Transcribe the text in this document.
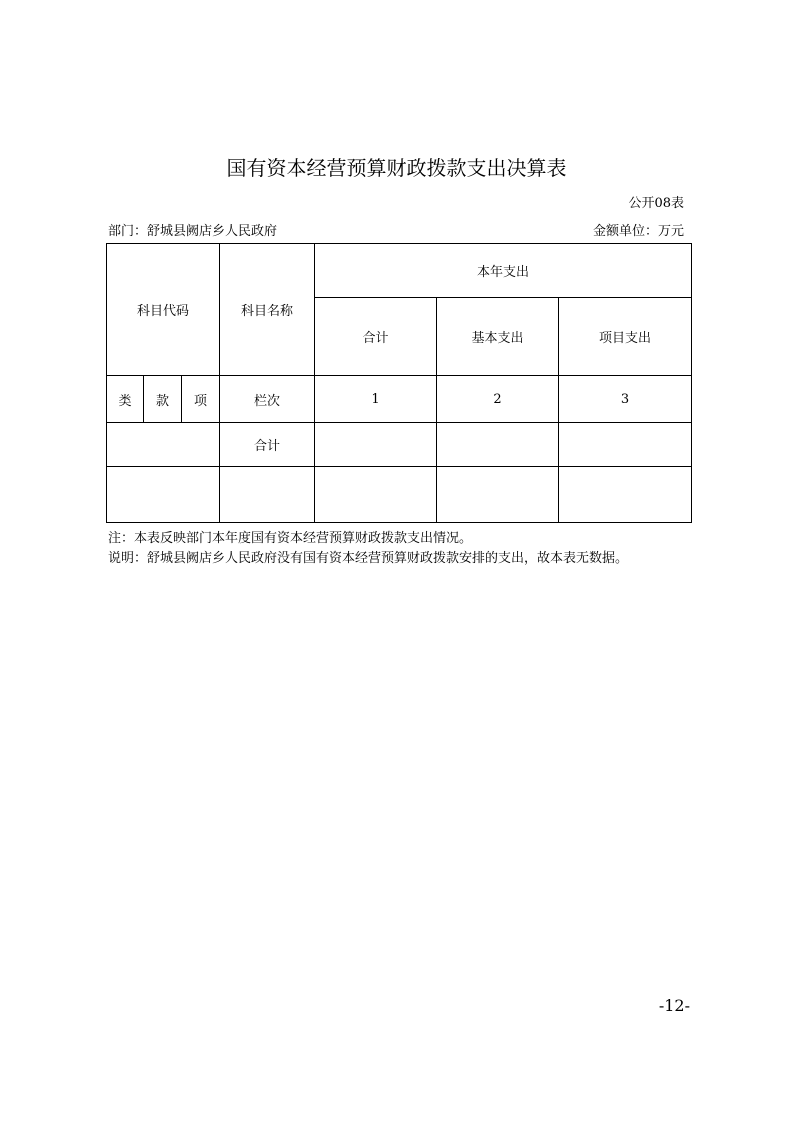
国有资本经营预算财政拨款支出决算表
公开08表
部门：舒城县阙店乡人民政府	金额单位：万元
科目代码			科目名称	本年支出		
				合计	基本支出	项目支出
类	款	项	栏次	1	2	3
			合计			

注：本表反映部门本年度国有资本经营预算财政拨款支出情况。
说明：舒城县阙店乡人民政府没有国有资本经营预算财政拨款安排的支出，故本表无数据。
-12-
